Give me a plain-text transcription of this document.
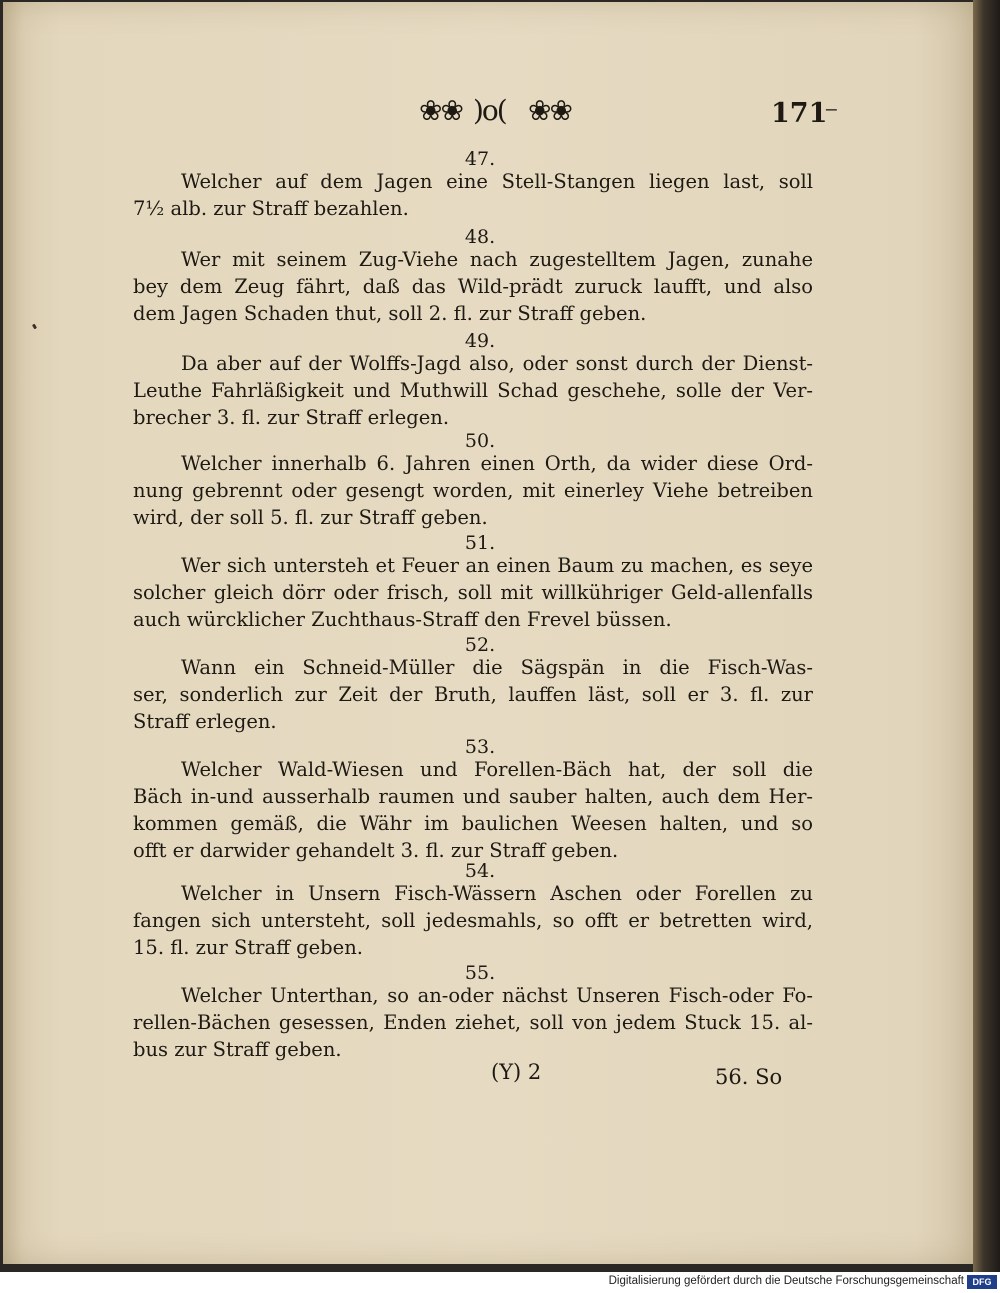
❀❀ )o( ❀❀	171
‒
47.
Welcher auf dem Jagen eine Stell-Stangen liegen last, soll
7½ alb. zur Straff bezahlen.
48.
Wer mit seinem Zug-Viehe nach zugestelltem Jagen, zunahe
bey dem Zeug fährt, daß das Wild-prädt zuruck laufft, und also
dem Jagen Schaden thut, soll 2. fl. zur Straff geben.
49.
Da aber auf der Wolffs-Jagd also, oder sonst durch der Dienst-
Leuthe Fahrläßigkeit und Muthwill Schad geschehe, solle der Ver-
brecher 3. fl. zur Straff erlegen.
50.
Welcher innerhalb 6. Jahren einen Orth, da wider diese Ord-
nung gebrennt oder gesengt worden, mit einerley Viehe betreiben
wird, der soll 5. fl. zur Straff geben.
51.
Wer sich untersteh et Feuer an einen Baum zu machen, es seye
solcher gleich dörr oder frisch, soll mit willkühriger Geld-allenfalls
auch würcklicher Zuchthaus-Straff den Frevel büssen.
52.
Wann ein Schneid-Müller die Sägspän in die Fisch-Was-
ser, sonderlich zur Zeit der Bruth, lauffen läst, soll er 3. fl. zur
Straff erlegen.
53.
Welcher Wald-Wiesen und Forellen-Bäch hat, der soll die
Bäch in-und ausserhalb raumen und sauber halten, auch dem Her-
kommen gemäß, die Währ im baulichen Weesen halten, und so
offt er darwider gehandelt 3. fl. zur Straff geben.
54.
Welcher in Unsern Fisch-Wässern Aschen oder Forellen zu
fangen sich untersteht, soll jedesmahls, so offt er betretten wird,
15. fl. zur Straff geben.
55.
Welcher Unterthan, so an-oder nächst Unseren Fisch-oder Fo-
rellen-Bächen gesessen, Enden ziehet, soll von jedem Stuck 15. al-
bus zur Straff geben.
(Y) 2	56. So
Digitalisierung gefördert durch die Deutsche Forschungsgemeinschaft DFG
